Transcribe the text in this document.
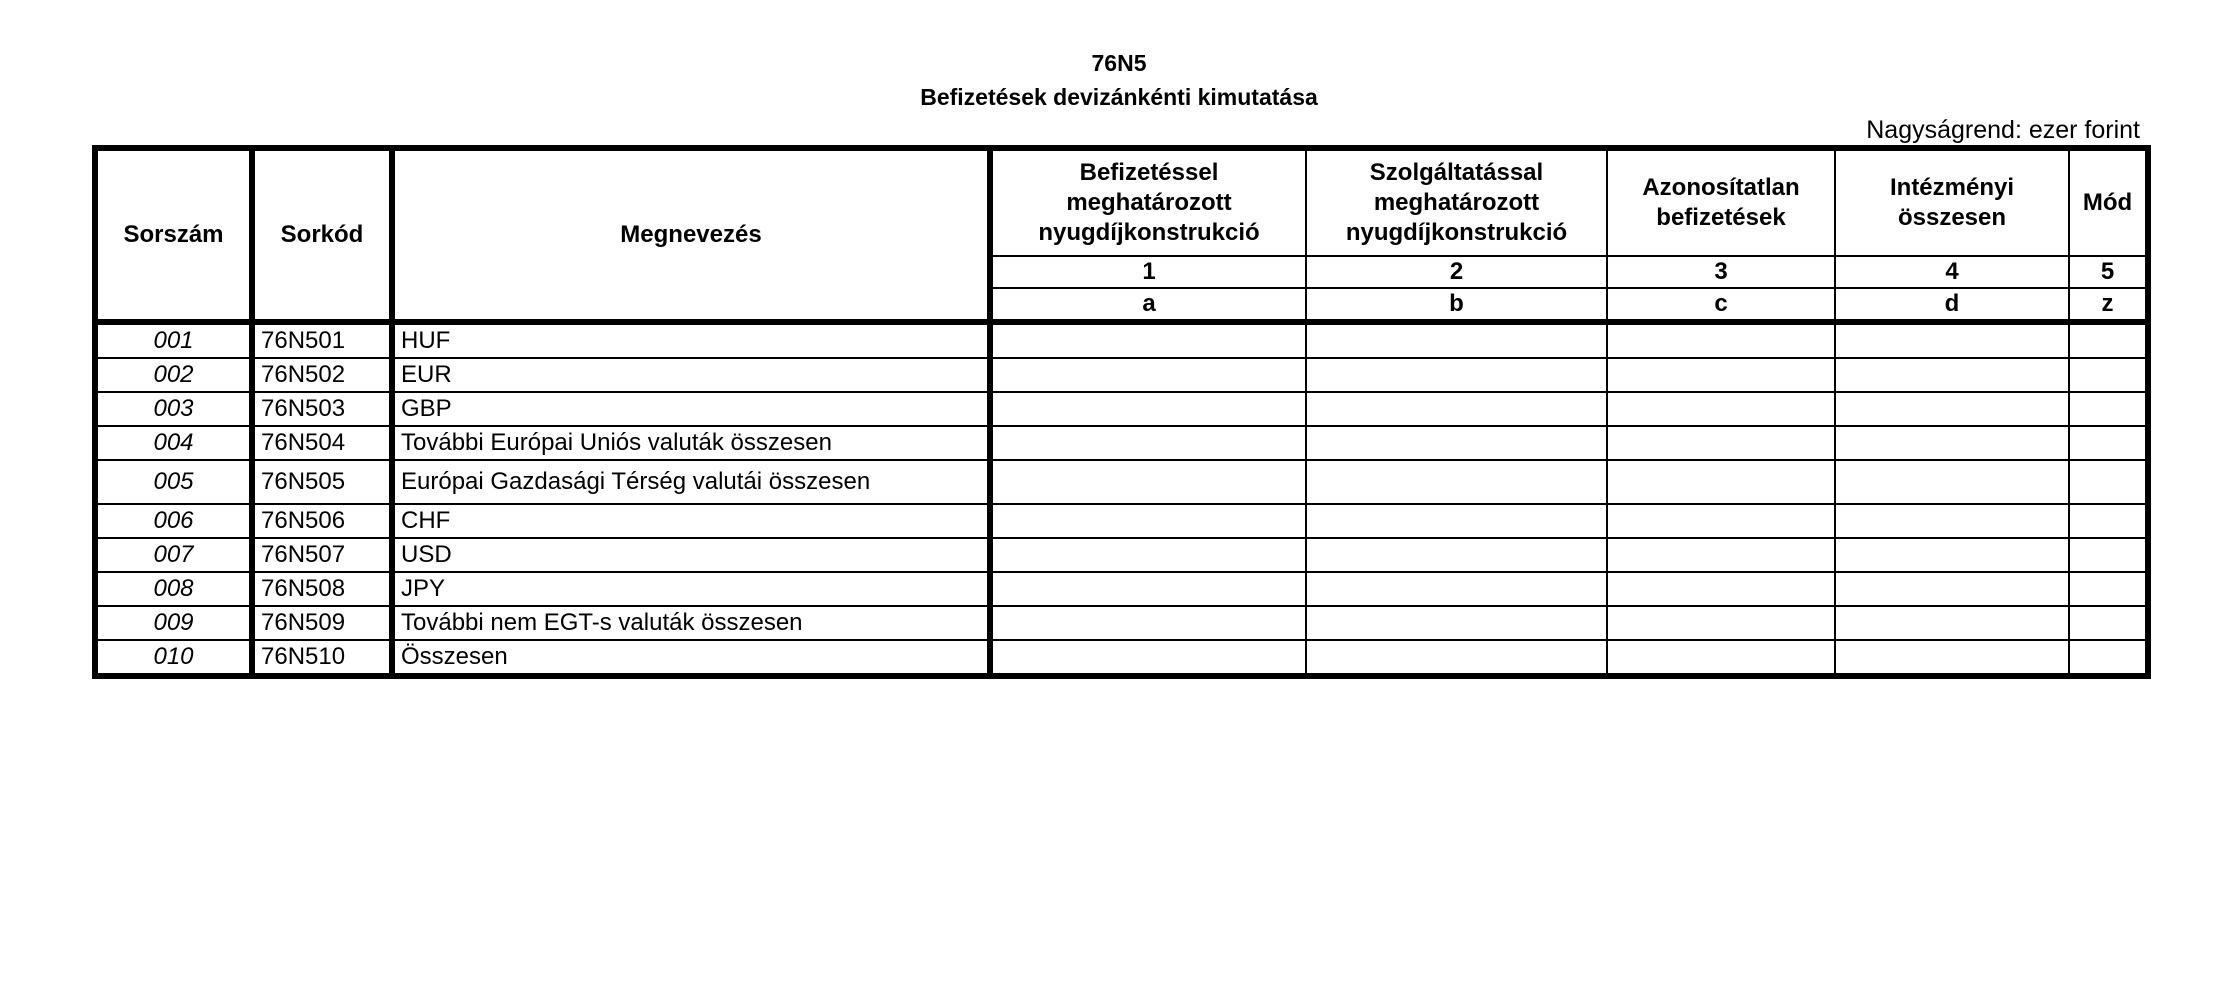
76N5
Befizetések devizánkénti kimutatása
Nagyságrend: ezer forint
Sorszám	Sorkód	Megnevezés	Befizetéssel meghatározott nyugdíjkonstrukció	Szolgáltatással meghatározott nyugdíjkonstrukció	Azonosítatlan befizetések	Intézményi összesen	Mód
			1	2	3	4	5
			a	b	c	d	z
001	76N501	HUF					
002	76N502	EUR					
003	76N503	GBP					
004	76N504	További Európai Uniós valuták összesen					
005	76N505	Európai Gazdasági Térség valutái összesen					
006	76N506	CHF					
007	76N507	USD					
008	76N508	JPY					
009	76N509	További nem EGT-s valuták összesen					
010	76N510	Összesen					
